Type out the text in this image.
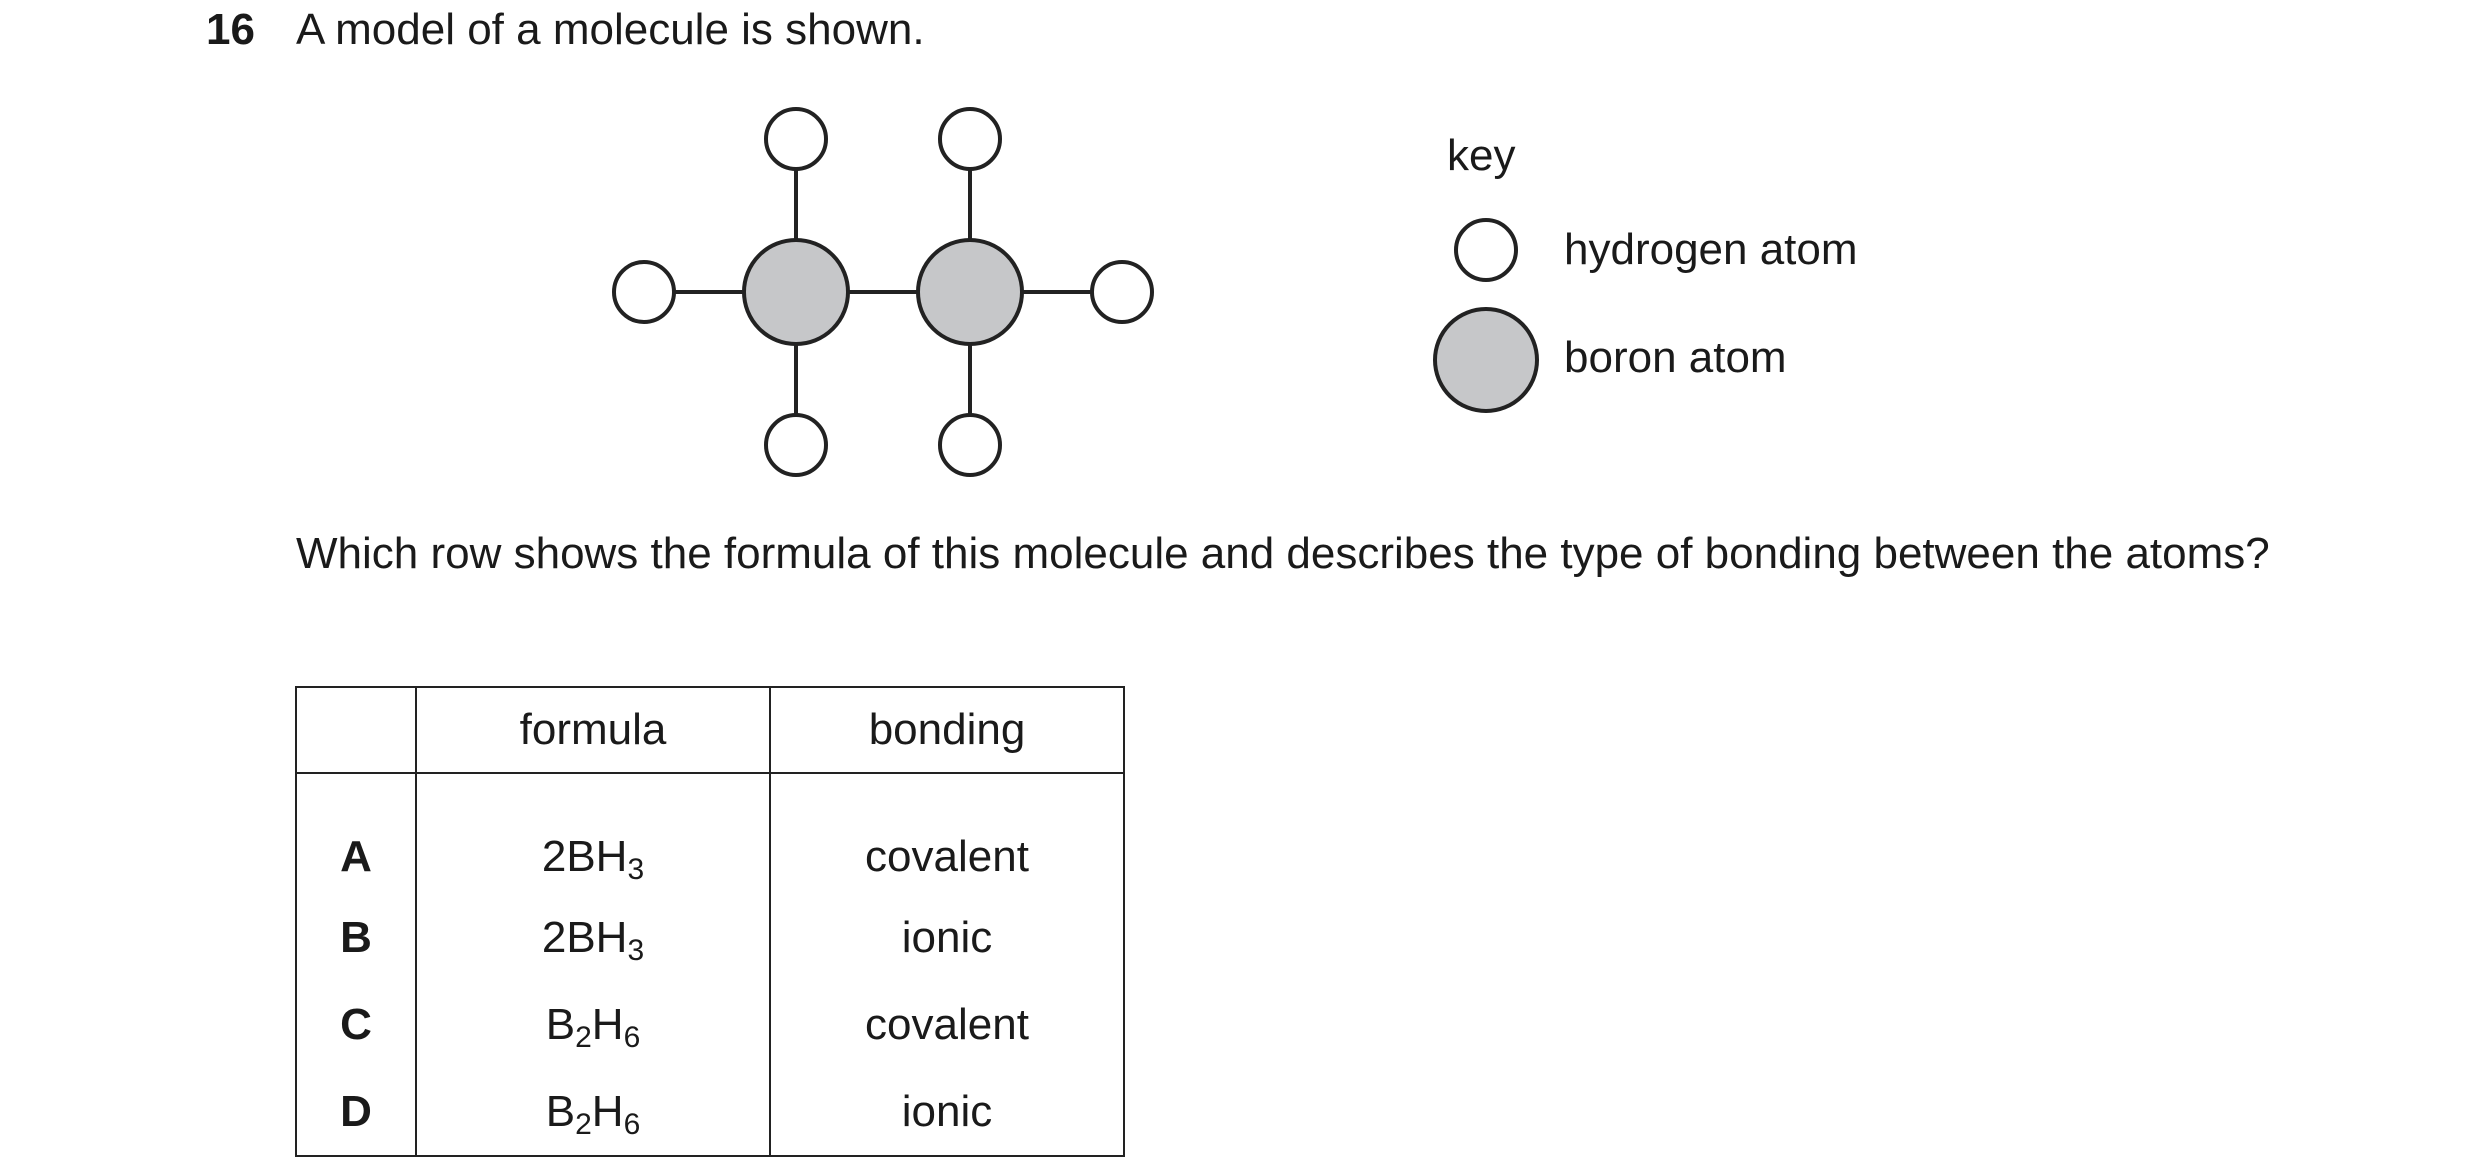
16 A model of a molecule is shown.
key
hydrogen atom
boron atom
Which row shows the formula of this molecule and describes the type of bonding between the atoms?
	formula	bonding
A	$2BH_3$	covalent
B	$2BH_3$	ionic
C	$B_2H_6$	covalent
D	$B_2H_6$	ionic
